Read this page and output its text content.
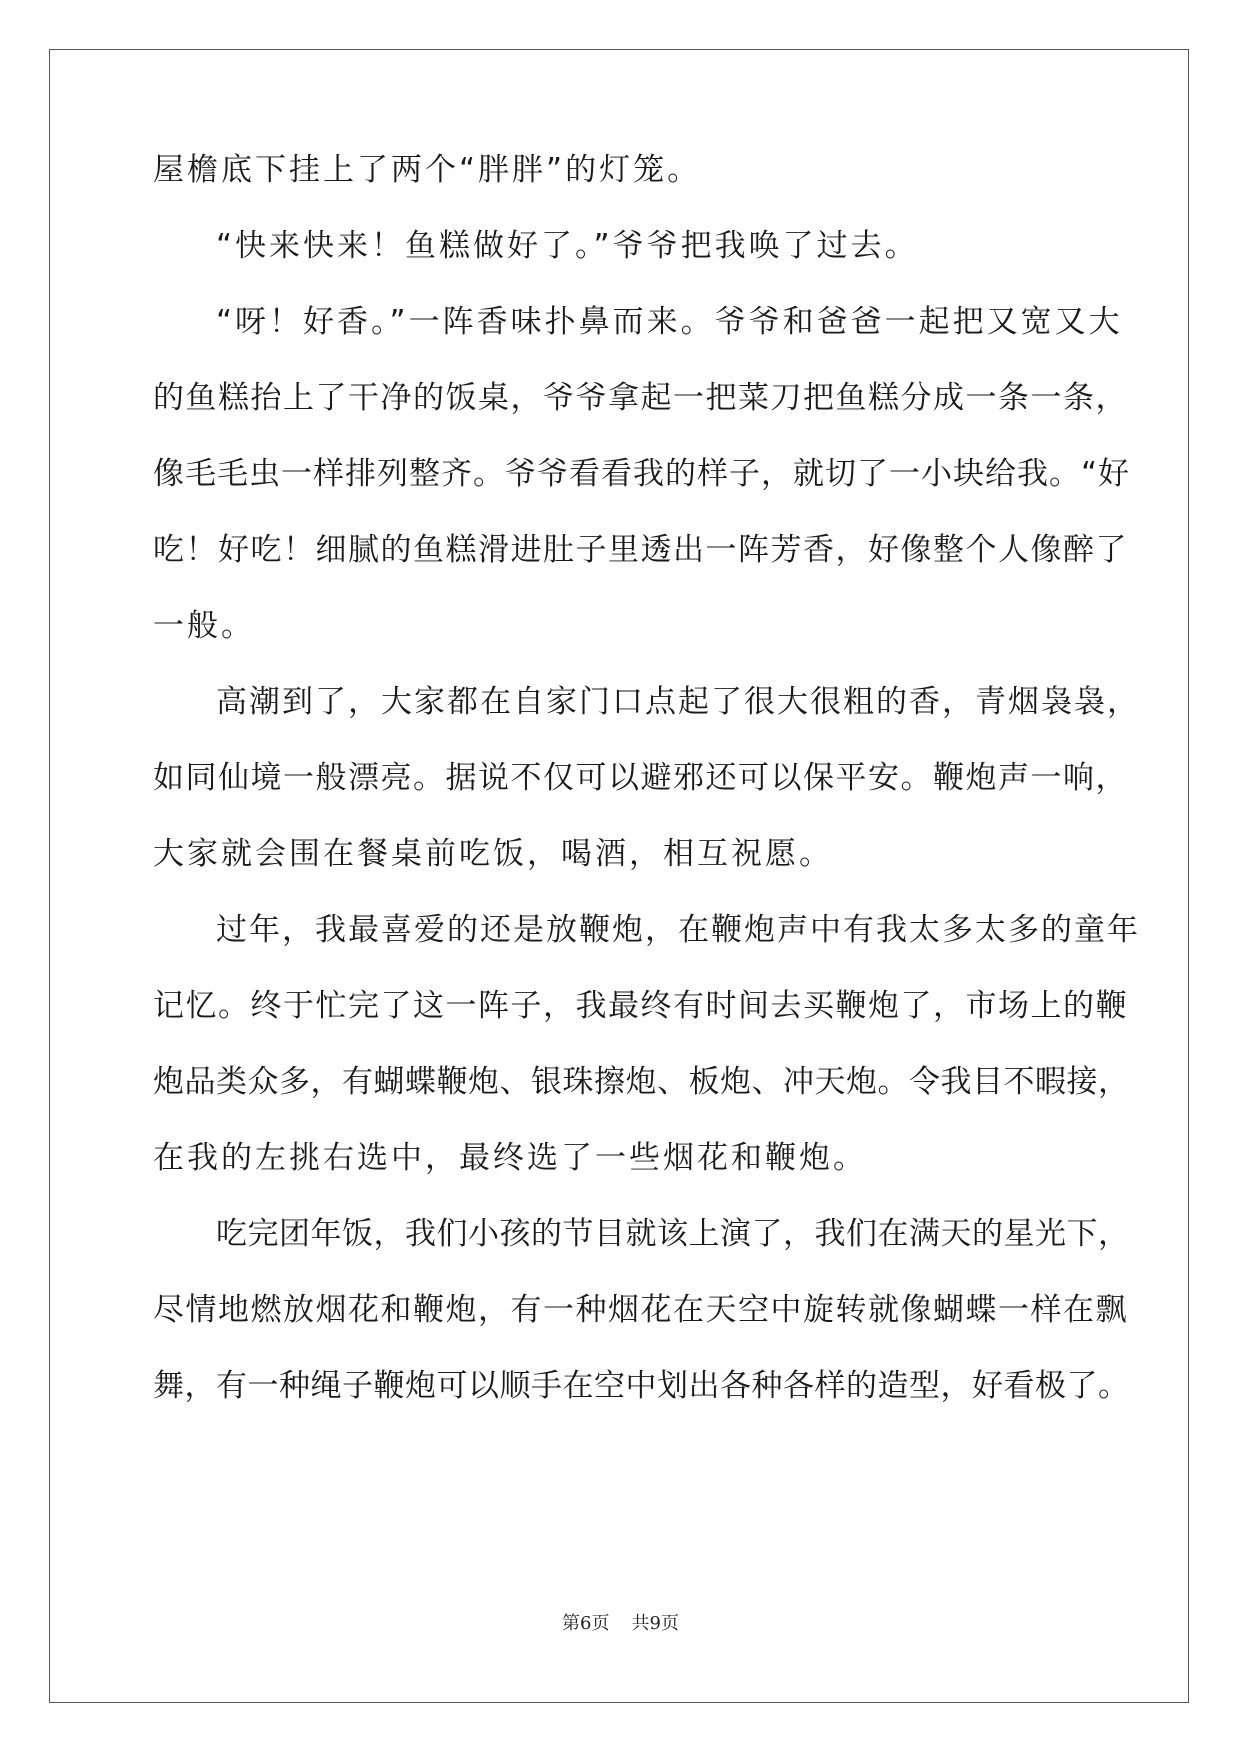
屋檐底下挂上了两个“胖胖”的灯笼。
“快来快来！鱼糕做好了。”爷爷把我唤了过去。
“呀！好香。”一阵香味扑鼻而来。爷爷和爸爸一起把又宽又大
的鱼糕抬上了干净的饭桌，爷爷拿起一把菜刀把鱼糕分成一条一条，
像毛毛虫一样排列整齐。爷爷看看我的样子，就切了一小块给我。“好
吃！好吃！细腻的鱼糕滑进肚子里透出一阵芳香，好像整个人像醉了
一般。
高潮到了，大家都在自家门口点起了很大很粗的香，青烟袅袅，
如同仙境一般漂亮。据说不仅可以避邪还可以保平安。鞭炮声一响，
大家就会围在餐桌前吃饭，喝酒，相互祝愿。
过年，我最喜爱的还是放鞭炮，在鞭炮声中有我太多太多的童年
记忆。终于忙完了这一阵子，我最终有时间去买鞭炮了，市场上的鞭
炮品类众多，有蝴蝶鞭炮、银珠擦炮、板炮、冲天炮。令我目不暇接，
在我的左挑右选中，最终选了一些烟花和鞭炮。
吃完团年饭，我们小孩的节目就该上演了，我们在满天的星光下，
尽情地燃放烟花和鞭炮，有一种烟花在天空中旋转就像蝴蝶一样在飘
舞，有一种绳子鞭炮可以顺手在空中划出各种各样的造型，好看极了。
第6页 共9页
